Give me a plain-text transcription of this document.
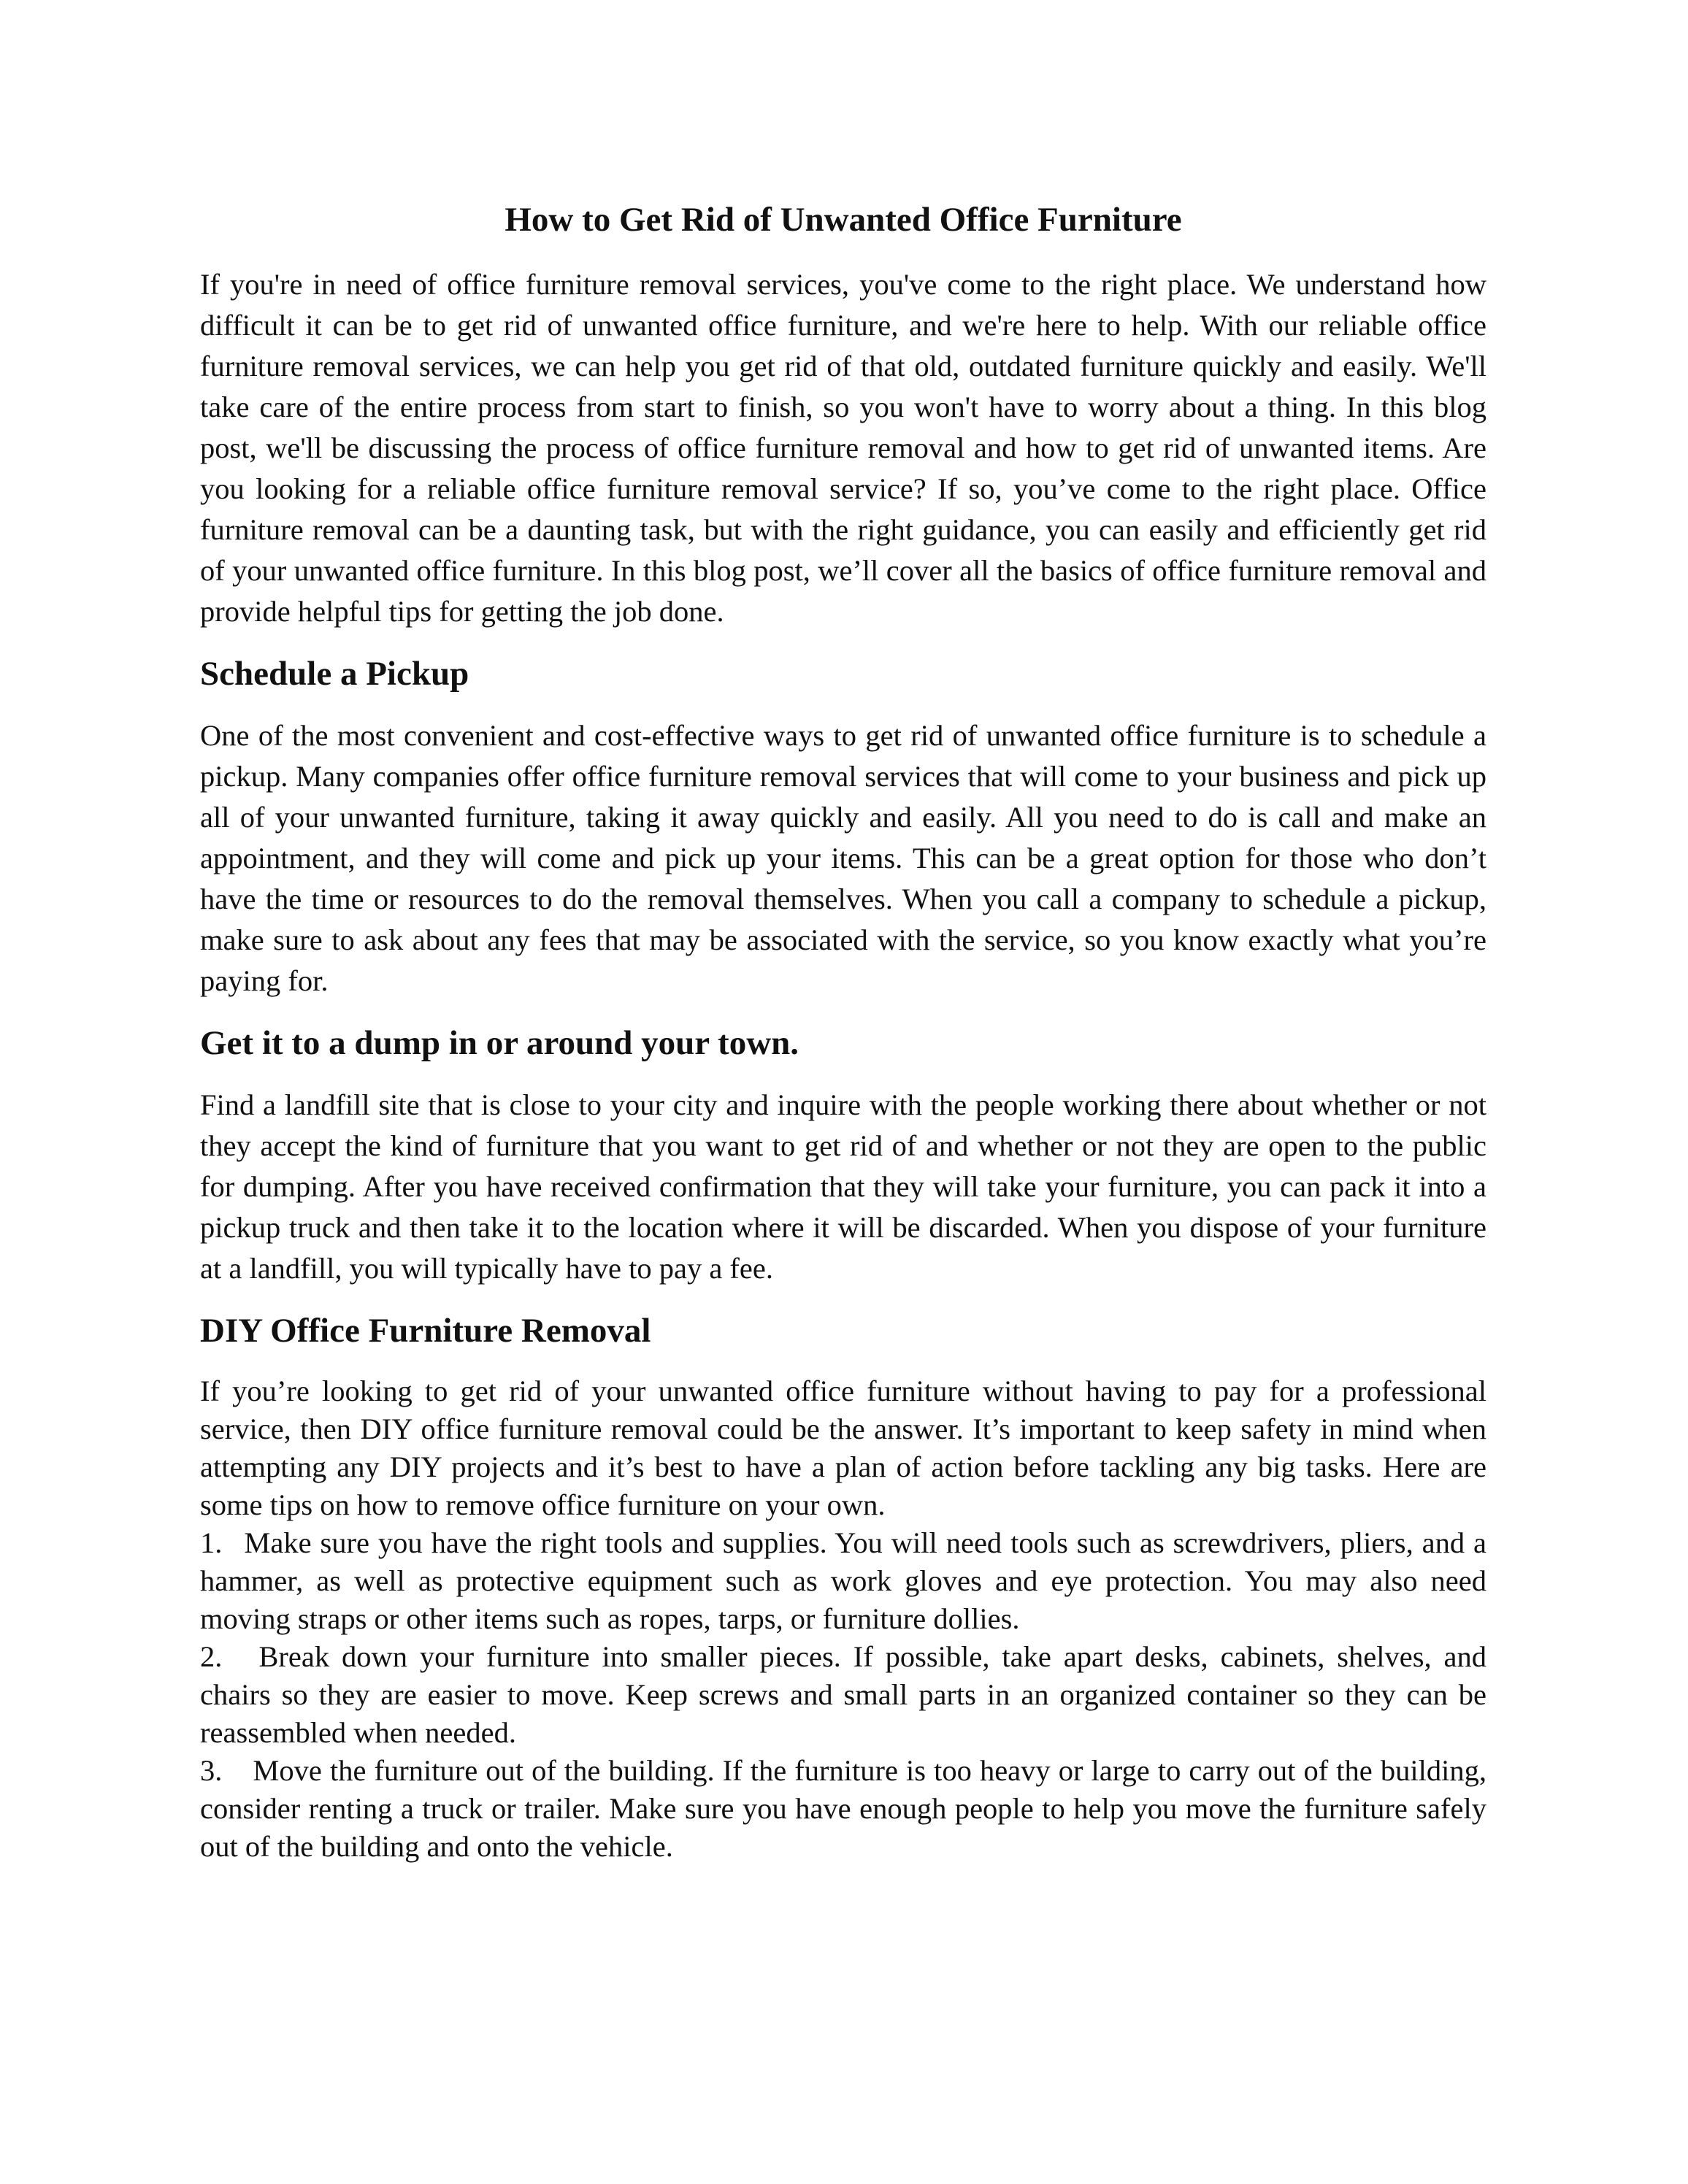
How to Get Rid of Unwanted Office Furniture

If you're in need of office furniture removal services, you've come to the right place. We understand how difficult it can be to get rid of unwanted office furniture, and we're here to help. With our reliable office furniture removal services, we can help you get rid of that old, outdated furniture quickly and easily. We'll take care of the entire process from start to finish, so you won't have to worry about a thing. In this blog post, we'll be discussing the process of office furniture removal and how to get rid of unwanted items. Are you looking for a reliable office furniture removal service? If so, you’ve come to the right place. Office furniture removal can be a daunting task, but with the right guidance, you can easily and efficiently get rid of your unwanted office furniture. In this blog post, we’ll cover all the basics of office furniture removal and provide helpful tips for getting the job done.

Schedule a Pickup

One of the most convenient and cost-effective ways to get rid of unwanted office furniture is to schedule a pickup. Many companies offer office furniture removal services that will come to your business and pick up all of your unwanted furniture, taking it away quickly and easily. All you need to do is call and make an appointment, and they will come and pick up your items. This can be a great option for those who don’t have the time or resources to do the removal themselves. When you call a company to schedule a pickup, make sure to ask about any fees that may be associated with the service, so you know exactly what you’re paying for.

Get it to a dump in or around your town.

Find a landfill site that is close to your city and inquire with the people working there about whether or not they accept the kind of furniture that you want to get rid of and whether or not they are open to the public for dumping. After you have received confirmation that they will take your furniture, you can pack it into a pickup truck and then take it to the location where it will be discarded. When you dispose of your furniture at a landfill, you will typically have to pay a fee.

DIY Office Furniture Removal

If you’re looking to get rid of your unwanted office furniture without having to pay for a professional service, then DIY office furniture removal could be the answer. It’s important to keep safety in mind when attempting any DIY projects and it’s best to have a plan of action before tackling any big tasks. Here are some tips on how to remove office furniture on your own.

1. Make sure you have the right tools and supplies. You will need tools such as screwdrivers, pliers, and a hammer, as well as protective equipment such as work gloves and eye protection. You may also need moving straps or other items such as ropes, tarps, or furniture dollies.
2. Break down your furniture into smaller pieces. If possible, take apart desks, cabinets, shelves, and chairs so they are easier to move. Keep screws and small parts in an organized container so they can be reassembled when needed.
3. Move the furniture out of the building. If the furniture is too heavy or large to carry out of the building, consider renting a truck or trailer. Make sure you have enough people to help you move the furniture safely out of the building and onto the vehicle.
